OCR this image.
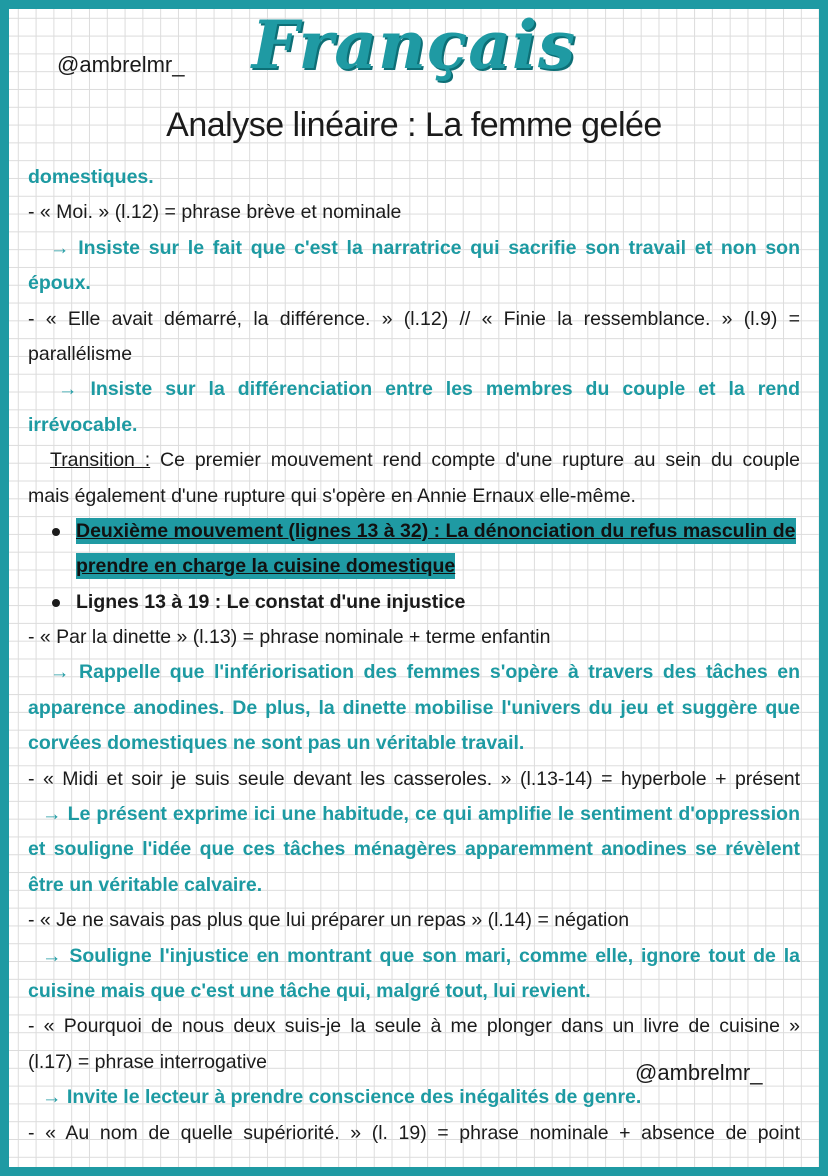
@ambrelmr_	Français
Analyse linéaire : La femme gelée
domestiques.
- « Moi. » (l.12) = phrase brève et nominale
→ Insiste sur le fait que c'est la narratrice qui sacrifie son travail et non son
époux.
- « Elle avait démarré, la différence. » (l.12) // « Finie la ressemblance. » (l.9) =
parallélisme
→ Insiste sur la différenciation entre les membres du couple et la rend
irrévocable.
Transition : Ce premier mouvement rend compte d'une rupture au sein du couple
mais également d'une rupture qui s'opère en Annie Ernaux elle-même.
Deuxième mouvement (lignes 13 à 32) : La dénonciation du refus masculin de
prendre en charge la cuisine domestique
Lignes 13 à 19 : Le constat d'une injustice
- « Par la dinette » (l.13) = phrase nominale + terme enfantin
→ Rappelle que l'infériorisation des femmes s'opère à travers des tâches en
apparence anodines. De plus, la dinette mobilise l'univers du jeu et suggère que
corvées domestiques ne sont pas un véritable travail.
- « Midi et soir je suis seule devant les casseroles. » (l.13-14) = hyperbole + présent
→ Le présent exprime ici une habitude, ce qui amplifie le sentiment d'oppression
et souligne l'idée que ces tâches ménagères apparemment anodines se révèlent
être un véritable calvaire.
- « Je ne savais pas plus que lui préparer un repas » (l.14) = négation
→ Souligne l'injustice en montrant que son mari, comme elle, ignore tout de la
cuisine mais que c'est une tâche qui, malgré tout, lui revient.
- « Pourquoi de nous deux suis-je la seule à me plonger dans un livre de cuisine »
(l.17) = phrase interrogative
→ Invite le lecteur à prendre conscience des inégalités de genre.
- « Au nom de quelle supériorité. » (l. 19) = phrase nominale + absence de point
@ambrelmr_
